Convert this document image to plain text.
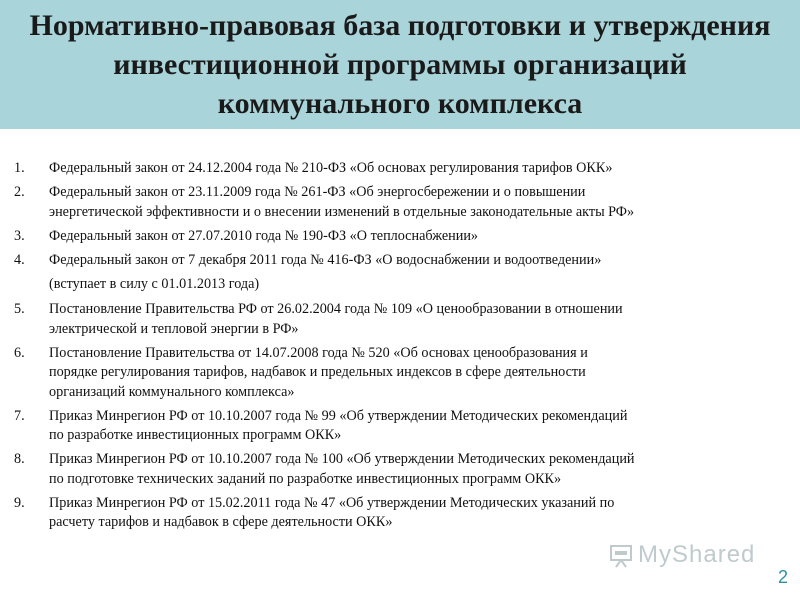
Нормативно-правовая база подготовки и утверждения
инвестиционной программы организаций
коммунального комплекса
1. Федеральный закон от 24.12.2004 года № 210-ФЗ «Об основах регулирования тарифов ОКК»
2. Федеральный закон от 23.11.2009 года № 261-ФЗ «Об энергосбережении и о повышении
энергетической эффективности и о внесении изменений в отдельные законодательные акты РФ»
3. Федеральный закон от 27.07.2010 года № 190-ФЗ «О теплоснабжении»
4. Федеральный закон от 7 декабря 2011 года № 416-ФЗ «О водоснабжении и водоотведении»
(вступает в силу с 01.01.2013 года)
5. Постановление Правительства РФ от 26.02.2004 года № 109 «О ценообразовании в отношении
электрической и тепловой энергии в РФ»
6. Постановление Правительства от 14.07.2008 года № 520 «Об основах ценообразования и
порядке регулирования тарифов, надбавок и предельных индексов в сфере деятельности
организаций коммунального комплекса»
7. Приказ Минрегион РФ от 10.10.2007 года № 99 «Об утверждении Методических рекомендаций
по разработке инвестиционных программ ОКК»
8. Приказ Минрегион РФ от 10.10.2007 года № 100 «Об утверждении Методических рекомендаций
по подготовке технических заданий по разработке инвестиционных программ ОКК»
9. Приказ Минрегион РФ от 15.02.2011 года № 47 «Об утверждении Методических указаний по
расчету тарифов и надбавок в сфере деятельности ОКК»
MyShared
2
